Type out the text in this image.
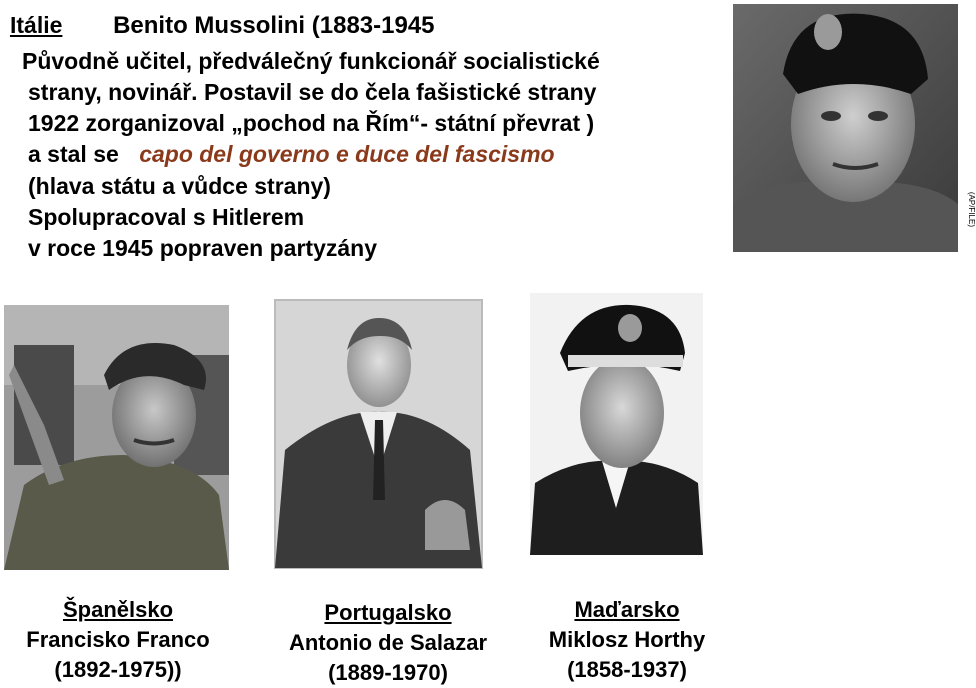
Itálie Benito Mussolini (1883-1945
Původně učitel, předválečný funkcionář socialistické
strany, novinář. Postavil se do čela fašistické strany
1922 zorganizoval „pochod na Řím“- státní převrat )
a stal se capo del governo e duce del fascismo
(hlava státu a vůdce strany)
Spolupracoval s Hitlerem
v roce 1945 popraven partyzány
(AP/FILE)
Španělsko
Francisko Franco
(1892-1975))
Portugalsko
Antonio de Salazar
(1889-1970)
Maďarsko
Miklosz Horthy
(1858-1937)
